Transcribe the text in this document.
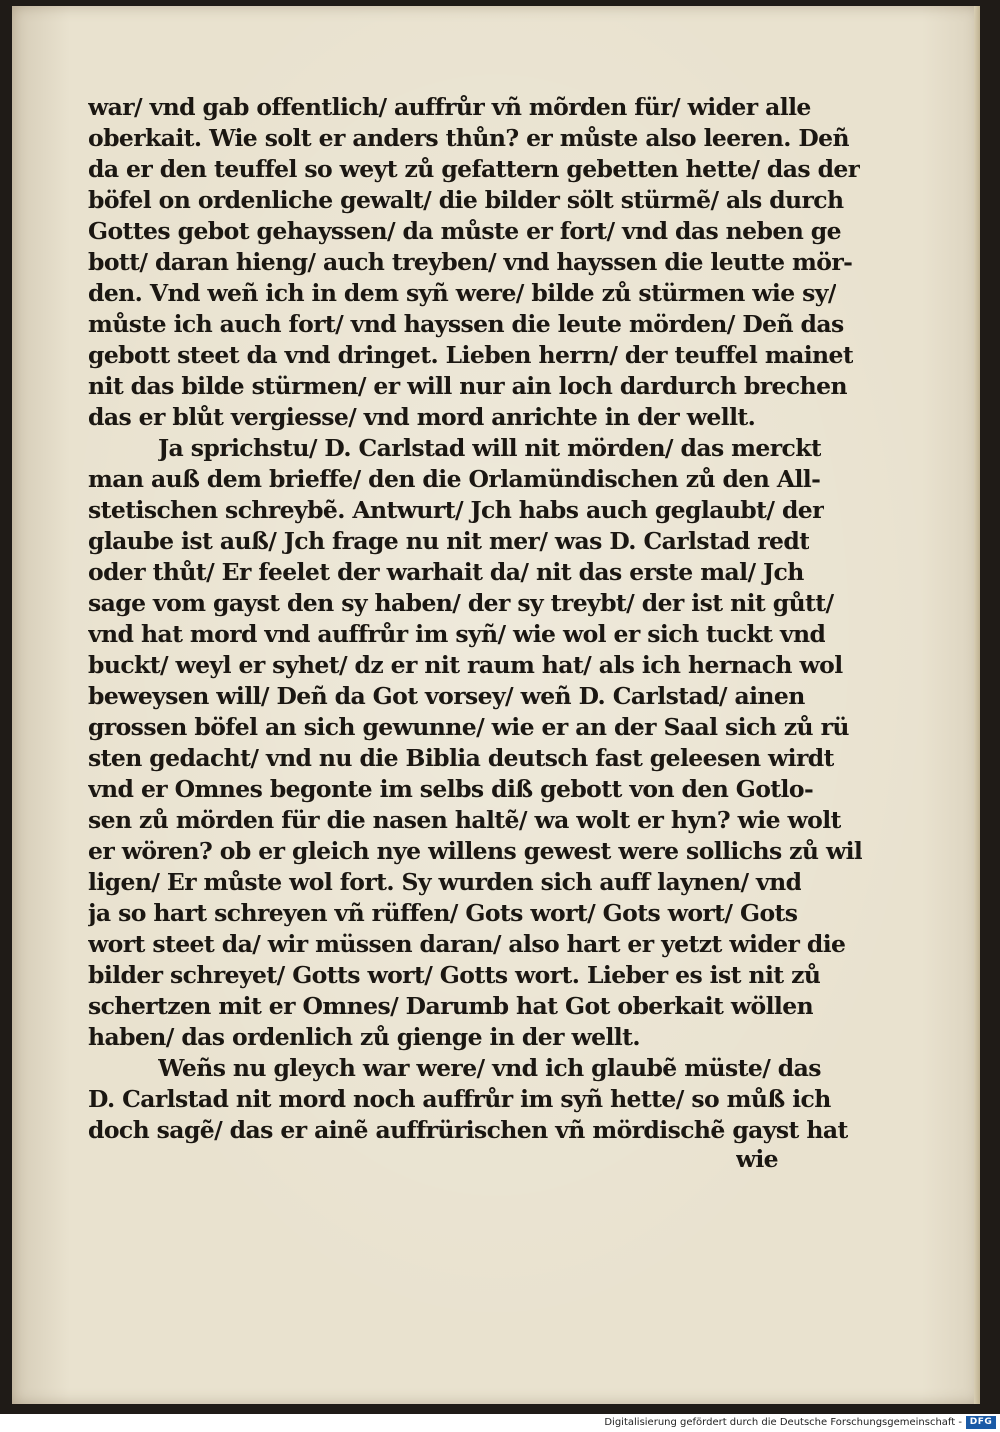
war/ vnd gab offentlich/ auffrůr vñ mõrden für/ wider alle
oberkait. Wie solt er anders thůn? er můste also leeren. Deñ
da er den teuffel so weyt zů gefattern gebetten hette/ das der
böfel on ordenliche gewalt/ die bilder sölt stürmẽ/ als durch
Gottes gebot gehayssen/ da můste er fort/ vnd das neben ge
bott/ daran hieng/ auch treyben/ vnd hayssen die leutte mör-
den. Vnd weñ ich in dem syñ were/ bilde zů stürmen wie sy/
můste ich auch fort/ vnd hayssen die leute mörden/ Deñ das
gebott steet da vnd dringet. Lieben herrn/ der teuffel mainet
nit das bilde stürmen/ er will nur ain loch dardurch brechen
das er blůt vergiesse/ vnd mord anrichte in der wellt.
Ja sprichstu/ D. Carlstad will nit mörden/ das merckt
man auß dem brieffe/ den die Orlamündischen zů den All-
stetischen schreybẽ. Antwurt/ Jch habs auch geglaubt/ der
glaube ist auß/ Jch frage nu nit mer/ was D. Carlstad redt
oder thůt/ Er feelet der warhait da/ nit das erste mal/ Jch
sage vom gayst den sy haben/ der sy treybt/ der ist nit gůtt/
vnd hat mord vnd auffrůr im syñ/ wie wol er sich tuckt vnd
buckt/ weyl er syhet/ dz er nit raum hat/ als ich hernach wol
beweysen will/ Deñ da Got vorsey/ weñ D. Carlstad/ ainen
grossen böfel an sich gewunne/ wie er an der Saal sich zů rü
sten gedacht/ vnd nu die Biblia deutsch fast geleesen wirdt
vnd er Omnes begonte im selbs diß gebott von den Gotlo-
sen zů mörden für die nasen haltẽ/ wa wolt er hyn? wie wolt
er wören? ob er gleich nye willens gewest were sollichs zů wil
ligen/ Er můste wol fort. Sy wurden sich auff laynen/ vnd
ja so hart schreyen vñ rüffen/ Gots wort/ Gots wort/ Gots
wort steet da/ wir müssen daran/ also hart er yetzt wider die
bilder schreyet/ Gotts wort/ Gotts wort. Lieber es ist nit zů
schertzen mit er Omnes/ Darumb hat Got oberkait wöllen
haben/ das ordenlich zů gienge in der wellt.
Weñs nu gleych war were/ vnd ich glaubẽ müste/ das
D. Carlstad nit mord noch auffrůr im syñ hette/ so můß ich
doch sagẽ/ das er ainẽ auffrürischen vñ mördischẽ gayst hat
wie
Digitalisierung gefördert durch die Deutsche Forschungsgemeinschaft - DFG
